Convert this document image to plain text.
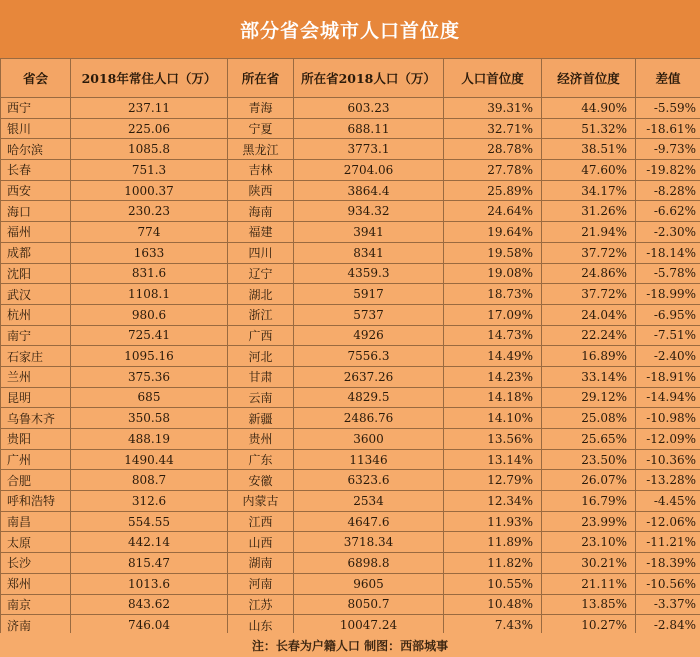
部分省会城市人口首位度
省会	2018年常住人口（万）	所在省	所在省2018人口（万）	人口首位度	经济首位度	差值
西宁	237.11	青海	603.23	39.31%	44.90%	-5.59%
银川	225.06	宁夏	688.11	32.71%	51.32%	-18.61%
哈尔滨	1085.8	黑龙江	3773.1	28.78%	38.51%	-9.73%
长春	751.3	吉林	2704.06	27.78%	47.60%	-19.82%
西安	1000.37	陕西	3864.4	25.89%	34.17%	-8.28%
海口	230.23	海南	934.32	24.64%	31.26%	-6.62%
福州	774	福建	3941	19.64%	21.94%	-2.30%
成都	1633	四川	8341	19.58%	37.72%	-18.14%
沈阳	831.6	辽宁	4359.3	19.08%	24.86%	-5.78%
武汉	1108.1	湖北	5917	18.73%	37.72%	-18.99%
杭州	980.6	浙江	5737	17.09%	24.04%	-6.95%
南宁	725.41	广西	4926	14.73%	22.24%	-7.51%
石家庄	1095.16	河北	7556.3	14.49%	16.89%	-2.40%
兰州	375.36	甘肃	2637.26	14.23%	33.14%	-18.91%
昆明	685	云南	4829.5	14.18%	29.12%	-14.94%
乌鲁木齐	350.58	新疆	2486.76	14.10%	25.08%	-10.98%
贵阳	488.19	贵州	3600	13.56%	25.65%	-12.09%
广州	1490.44	广东	11346	13.14%	23.50%	-10.36%
合肥	808.7	安徽	6323.6	12.79%	26.07%	-13.28%
呼和浩特	312.6	内蒙古	2534	12.34%	16.79%	-4.45%
南昌	554.55	江西	4647.6	11.93%	23.99%	-12.06%
太原	442.14	山西	3718.34	11.89%	23.10%	-11.21%
长沙	815.47	湖南	6898.8	11.82%	30.21%	-18.39%
郑州	1013.6	河南	9605	10.55%	21.11%	-10.56%
南京	843.62	江苏	8050.7	10.48%	13.85%	-3.37%
济南	746.04	山东	10047.24	7.43%	10.27%	-2.84%
注：长春为户籍人口 制图：西部城事
